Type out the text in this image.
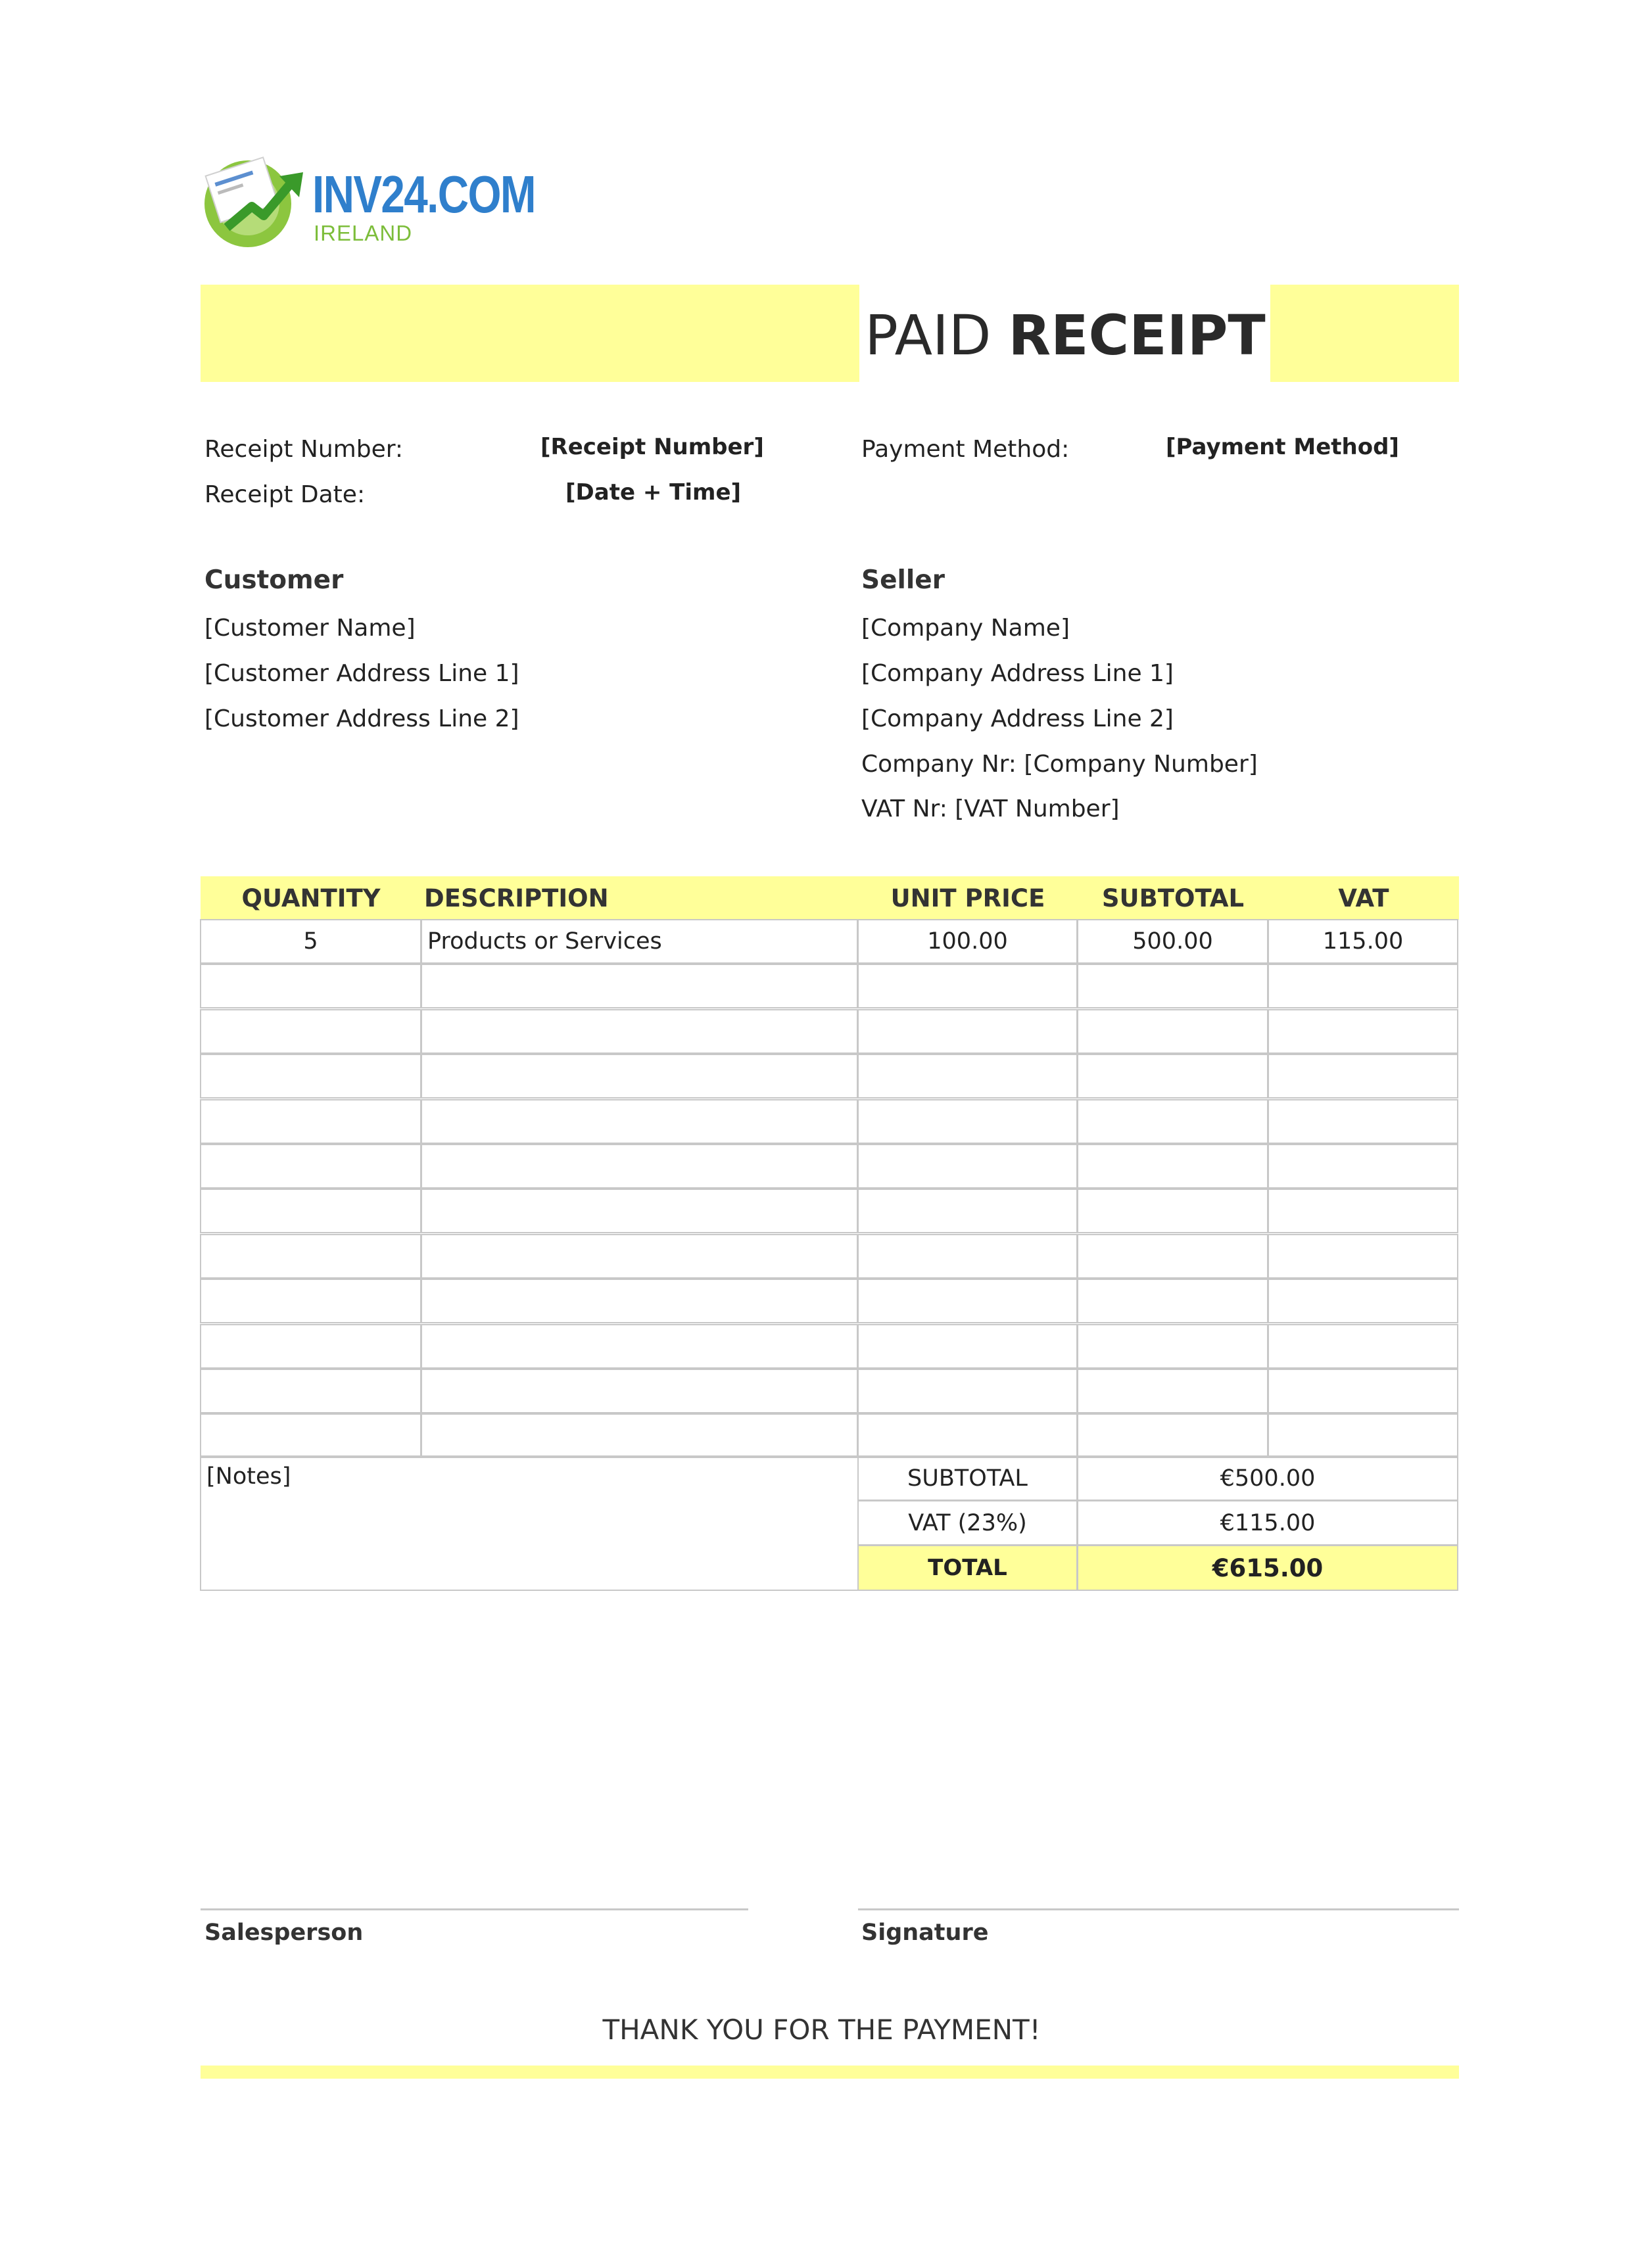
INV24.COM
IRELAND
PAID RECEIPT
Receipt Number:	[Receipt Number]
Receipt Date:	[Date + Time]
Payment Method:	[Payment Method]
Customer
[Customer Name]
[Customer Address Line 1]
[Customer Address Line 2]
Seller
[Company Name]
[Company Address Line 1]
[Company Address Line 2]
Company Nr: [Company Number]
VAT Nr: [VAT Number]
QUANTITY	DESCRIPTION	UNIT PRICE	SUBTOTAL	VAT
5	Products or Services	100.00	500.00	115.00
[Notes]	SUBTOTAL	€500.00
VAT (23%)	€115.00
TOTAL	€615.00
Salesperson	Signature
THANK YOU FOR THE PAYMENT!
